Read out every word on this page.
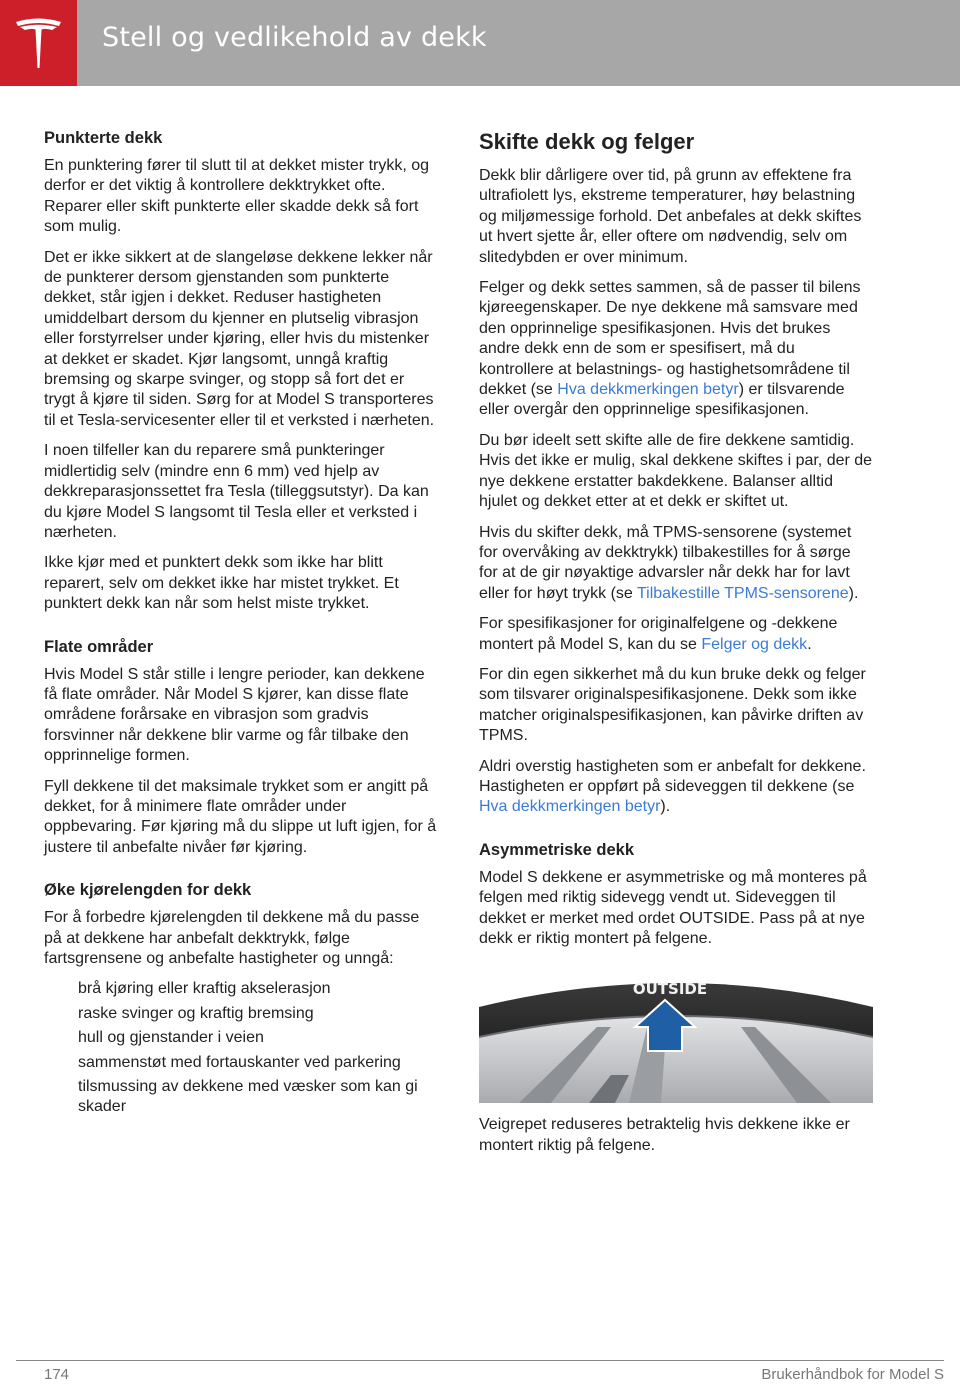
Stell og vedlikehold av dekk
Punkterte dekk

En punktering fører til slutt til at dekket mister trykk, og derfor er det viktig å kontrollere dekktrykket ofte. Reparer eller skift punkterte eller skadde dekk så fort som mulig.

Det er ikke sikkert at de slangeløse dekkene lekker når de punkterer dersom gjenstanden som punkterte dekket, står igjen i dekket. Reduser hastigheten umiddelbart dersom du kjenner en plutselig vibrasjon eller forstyrrelser under kjøring, eller hvis du mistenker at dekket er skadet. Kjør langsomt, unngå kraftig bremsing og skarpe svinger, og stopp så fort det er trygt å kjøre til siden. Sørg for at Model S transporteres til et Tesla-servicesenter eller til et verksted i nærheten.

I noen tilfeller kan du reparere små punkteringer midlertidig selv (mindre enn 6 mm) ved hjelp av dekkreparasjonssettet fra Tesla (tilleggsutstyr). Da kan du kjøre Model S langsomt til Tesla eller et verksted i nærheten.

Ikke kjør med et punktert dekk som ikke har blitt reparert, selv om dekket ikke har mistet trykket. Et punktert dekk kan når som helst miste trykket.

Flate områder

Hvis Model S står stille i lengre perioder, kan dekkene få flate områder. Når Model S kjører, kan disse flate områdene forårsake en vibrasjon som gradvis forsvinner når dekkene blir varme og får tilbake den opprinnelige formen.

Fyll dekkene til det maksimale trykket som er angitt på dekket, for å minimere flate områder under oppbevaring. Før kjøring må du slippe ut luft igjen, for å justere til anbefalte nivåer før kjøring.

Øke kjørelengden for dekk

For å forbedre kjørelengden til dekkene må du passe på at dekkene har anbefalt dekktrykk, følge fartsgrensene og anbefalte hastigheter og unngå:

brå kjøring eller kraftig akselerasjon
raske svinger og kraftig bremsing
hull og gjenstander i veien
sammenstøt med fortauskanter ved parkering
tilsmussing av dekkene med væsker som kan gi skader
Skifte dekk og felger

Dekk blir dårligere over tid, på grunn av effektene fra ultrafiolett lys, ekstreme temperaturer, høy belastning og miljømessige forhold. Det anbefales at dekk skiftes ut hvert sjette år, eller oftere om nødvendig, selv om slitedybden er over minimum.

Felger og dekk settes sammen, så de passer til bilens kjøreegenskaper. De nye dekkene må samsvare med den opprinnelige spesifikasjonen. Hvis det brukes andre dekk enn de som er spesifisert, må du kontrollere at belastnings- og hastighetsområdene til dekket (se Hva dekkmerkingen betyr) er tilsvarende eller overgår den opprinnelige spesifikasjonen.

Du bør ideelt sett skifte alle de fire dekkene samtidig. Hvis det ikke er mulig, skal dekkene skiftes i par, der de nye dekkene erstatter bakdekkene. Balanser alltid hjulet og dekket etter at et dekk er skiftet ut.

Hvis du skifter dekk, må TPMS-sensorene (systemet for overvåking av dekktrykk) tilbakestilles for å sørge for at de gir nøyaktige advarsler når dekk har for lavt eller for høyt trykk (se Tilbakestille TPMS-sensorene).

For spesifikasjoner for originalfelgene og -dekkene montert på Model S, kan du se Felger og dekk.

For din egen sikkerhet må du kun bruke dekk og felger som tilsvarer originalspesifikasjonene. Dekk som ikke matcher originalspesifikasjonen, kan påvirke driften av TPMS.

Aldri overstig hastigheten som er anbefalt for dekkene. Hastigheten er oppført på sideveggen til dekkene (se Hva dekkmerkingen betyr).

Asymmetriske dekk

Model S dekkene er asymmetriske og må monteres på felgen med riktig sidevegg vendt ut. Sideveggen til dekket er merket med ordet OUTSIDE. Pass på at nye dekk er riktig montert på felgene.

OUTSIDE

Veigrepet reduseres betraktelig hvis dekkene ikke er montert riktig på felgene.

174	Brukerhåndbok for Model S
